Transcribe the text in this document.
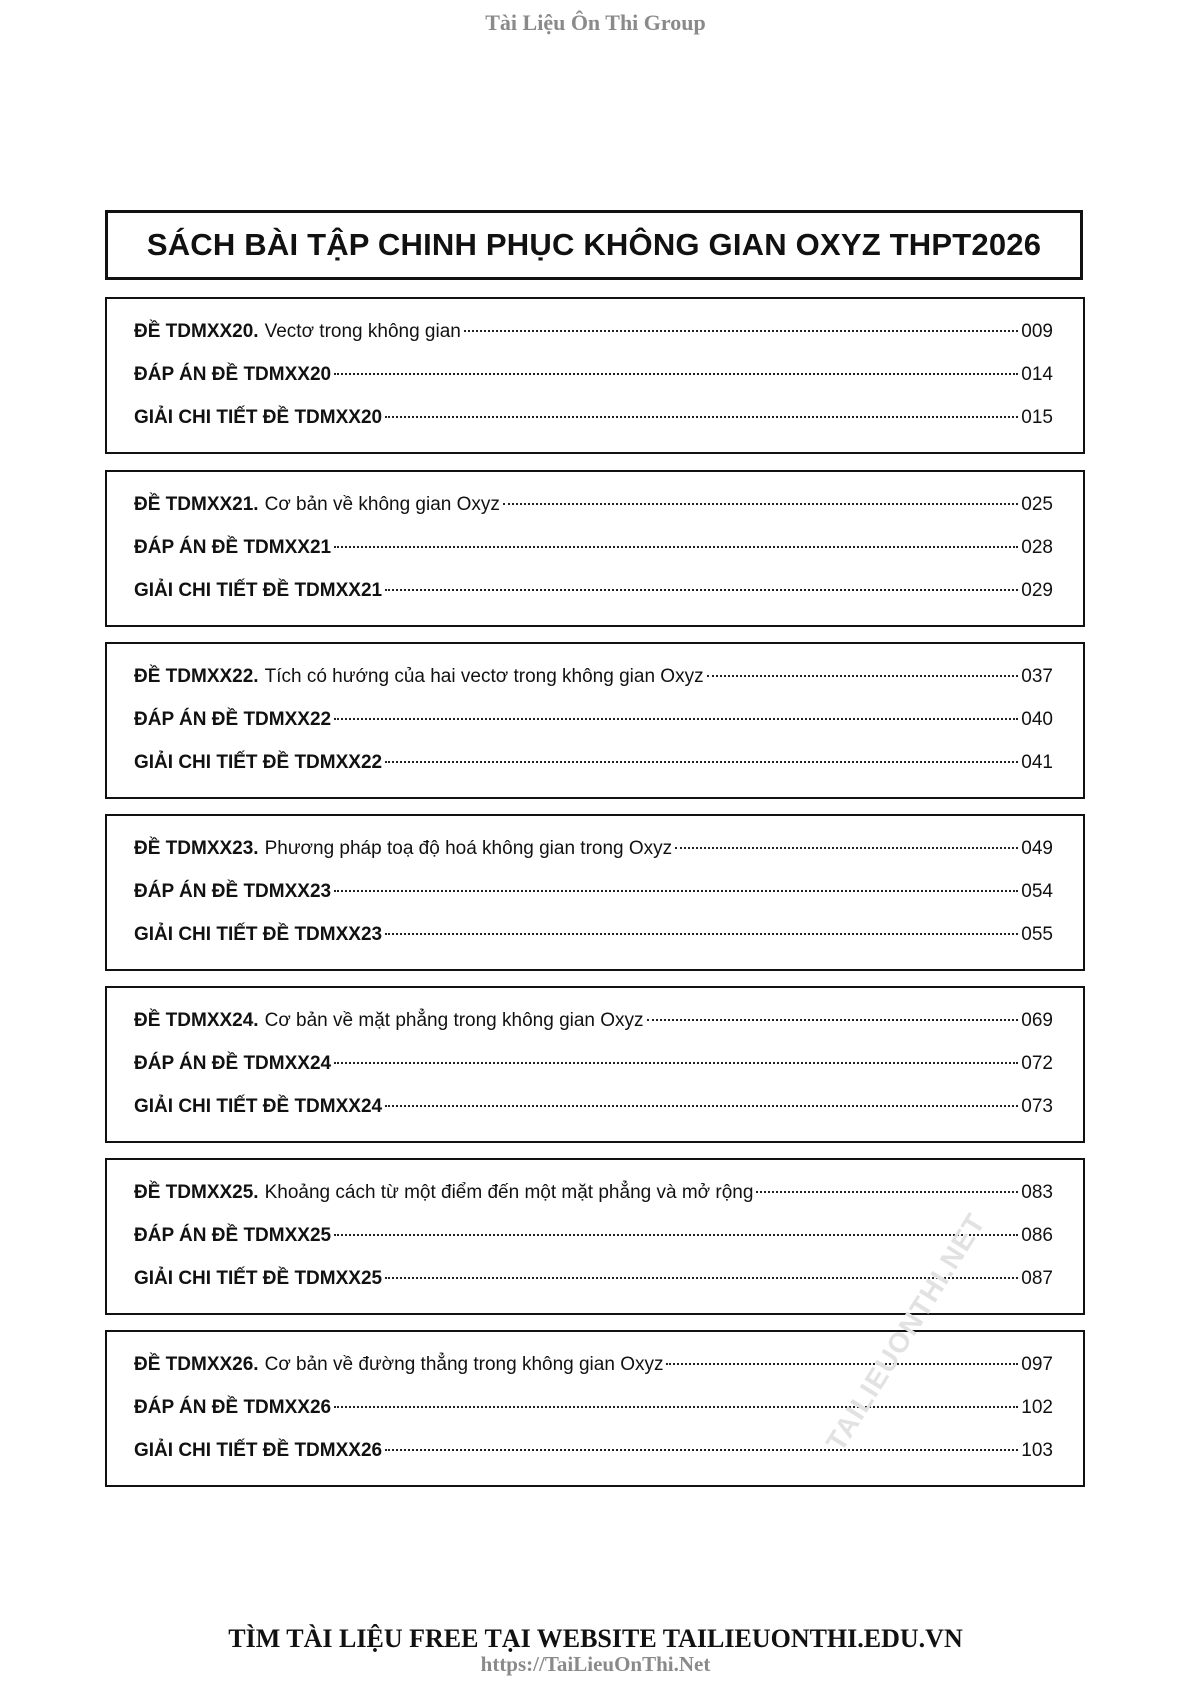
Tài Liệu Ôn Thi Group
SÁCH BÀI TẬP CHINH PHỤC KHÔNG GIAN OXYZ THPT2026
ĐỀ TDMXX20. Vectơ trong không gian	009
ĐÁP ÁN ĐỀ TDMXX20	014
GIẢI CHI TIẾT ĐỀ TDMXX20	015
ĐỀ TDMXX21. Cơ bản về không gian Oxyz	025
ĐÁP ÁN ĐỀ TDMXX21	028
GIẢI CHI TIẾT ĐỀ TDMXX21	029
ĐỀ TDMXX22. Tích có hướng của hai vectơ trong không gian Oxyz	037
ĐÁP ÁN ĐỀ TDMXX22	040
GIẢI CHI TIẾT ĐỀ TDMXX22	041
ĐỀ TDMXX23. Phương pháp toạ độ hoá không gian trong Oxyz	049
ĐÁP ÁN ĐỀ TDMXX23	054
GIẢI CHI TIẾT ĐỀ TDMXX23	055
ĐỀ TDMXX24. Cơ bản về mặt phẳng trong không gian Oxyz	069
ĐÁP ÁN ĐỀ TDMXX24	072
GIẢI CHI TIẾT ĐỀ TDMXX24	073
ĐỀ TDMXX25. Khoảng cách từ một điểm đến một mặt phẳng và mở rộng	083
ĐÁP ÁN ĐỀ TDMXX25	086
GIẢI CHI TIẾT ĐỀ TDMXX25	087
ĐỀ TDMXX26. Cơ bản về đường thẳng trong không gian Oxyz	097
ĐÁP ÁN ĐỀ TDMXX26	102
GIẢI CHI TIẾT ĐỀ TDMXX26	103
TAILIEUONTHI.NET
TÌM TÀI LIỆU FREE TẠI WEBSITE TAILIEUONTHI.EDU.VN
https://TaiLieuOnThi.Net
